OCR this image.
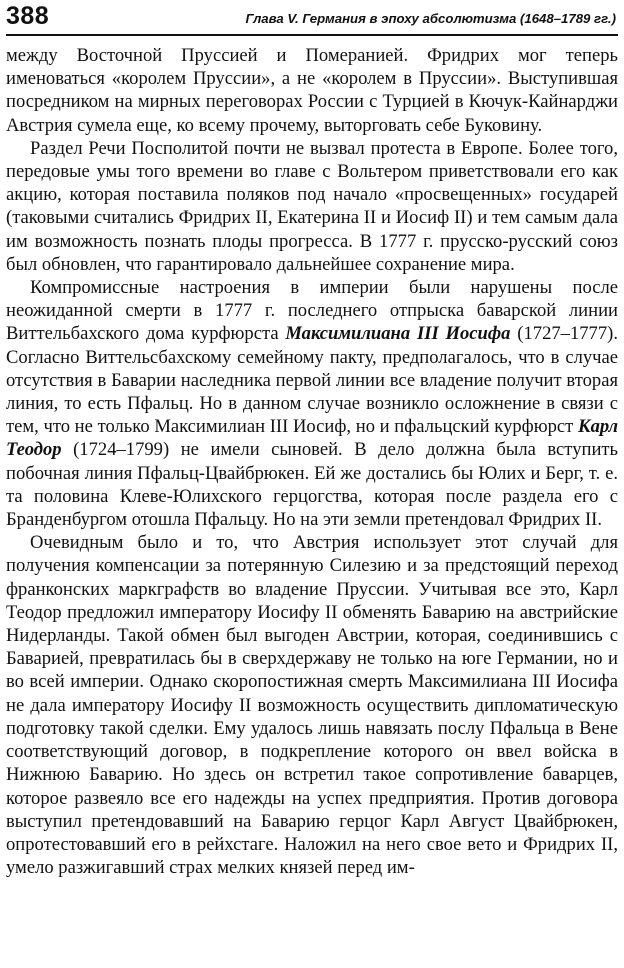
388	Глава V. Германия в эпоху абсолютизма (1648–1789 гг.)

между Восточной Пруссией и Померанией. Фридрих мог теперь именоваться «королем Пруссии», а не «королем в Пруссии». Выступившая посредником на мирных переговорах России с Турцией в Кючук-Кайнарджи Австрия сумела еще, ко всему прочему, выторговать себе Буковину.

Раздел Речи Посполитой почти не вызвал протеста в Европе. Более того, передовые умы того времени во главе с Вольтером приветствовали его как акцию, которая поставила поляков под начало «просвещенных» государей (таковыми считались Фридрих II, Екатерина II и Иосиф II) и тем самым дала им возможность познать плоды прогресса. В 1777 г. прусско-русский союз был обновлен, что гарантировало дальнейшее сохранение мира.

Компромиссные настроения в империи были нарушены после неожиданной смерти в 1777 г. последнего отпрыска баварской линии Виттельбахского дома курфюрста Максимилиана III Иосифа (1727–1777). Согласно Виттельсбахскому семейному пакту, предполагалось, что в случае отсутствия в Баварии наследника первой линии все владение получит вторая линия, то есть Пфальц. Но в данном случае возникло осложнение в связи с тем, что не только Максимилиан III Иосиф, но и пфальцский курфюрст Карл Теодор (1724–1799) не имели сыновей. В дело должна была вступить побочная линия Пфальц-Цвайбрюкен. Ей же достались бы Юлих и Берг, т. е. та половина Клеве-Юлихского герцогства, которая после раздела его с Бранденбургом отошла Пфальцу. Но на эти земли претендовал Фридрих II.

Очевидным было и то, что Австрия использует этот случай для получения компенсации за потерянную Силезию и за предстоящий переход франконских маркграфств во владение Пруссии. Учитывая все это, Карл Теодор предложил императору Иосифу II обменять Баварию на австрийские Нидерланды. Такой обмен был выгоден Австрии, которая, соединившись с Баварией, превратилась бы в сверхдержаву не только на юге Германии, но и во всей империи. Однако скоропостижная смерть Максимилиана III Иосифа не дала императору Иосифу II возможность осуществить дипломатическую подготовку такой сделки. Ему удалось лишь навязать послу Пфальца в Вене соответствующий договор, в подкрепление которого он ввел войска в Нижнюю Баварию. Но здесь он встретил такое сопротивление баварцев, которое развеяло все его надежды на успех предприятия. Против договора выступил претендовавший на Баварию герцог Карл Август Цвайбрюкен, опротестовавший его в рейхстаге. Наложил на него свое вето и Фридрих II, умело разжигавший страх мелких князей перед им-
